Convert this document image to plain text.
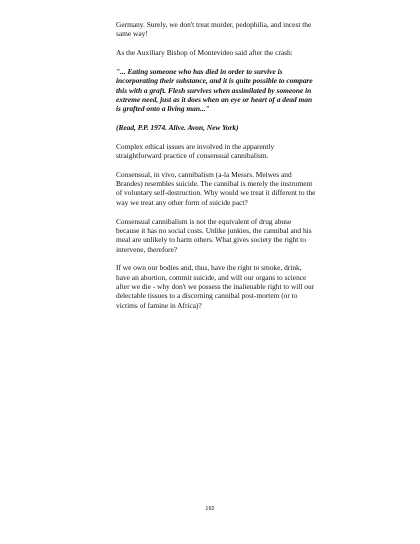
Germany. Surely, we don't treat murder, pedophilia, and incest the same way!

As the Auxiliary Bishop of Montevideo said after the crash:

"... Eating someone who has died in order to survive is incorporating their substance, and it is quite possible to compare this with a graft. Flesh survives when assimilated by someone in extreme need, just as it does when an eye or heart of a dead man is grafted onto a living man..."

(Read, P.P. 1974. Alive. Avon, New York)

Complex ethical issues are involved in the apparently straightforward practice of consensual cannibalism.

Consensual, in vivo, cannibalism (a-la Messrs. Meiwes and Brandes) resembles suicide. The cannibal is merely the instrument of voluntary self-destruction. Why would we treat it different to the way we treat any other form of suicide pact?

Consensual cannibalism is not the equivalent of drug abuse because it has no social costs. Unlike junkies, the cannibal and his meal are unlikely to harm others. What gives society the right to intervene, therefore?

If we own our bodies and, thus, have the right to smoke, drink, have an abortion, commit suicide, and will our organs to science after we die - why don't we possess the inalienable right to will our delectable tissues to a discerning cannibal post-mortem (or to victims of famine in Africa)?

192
